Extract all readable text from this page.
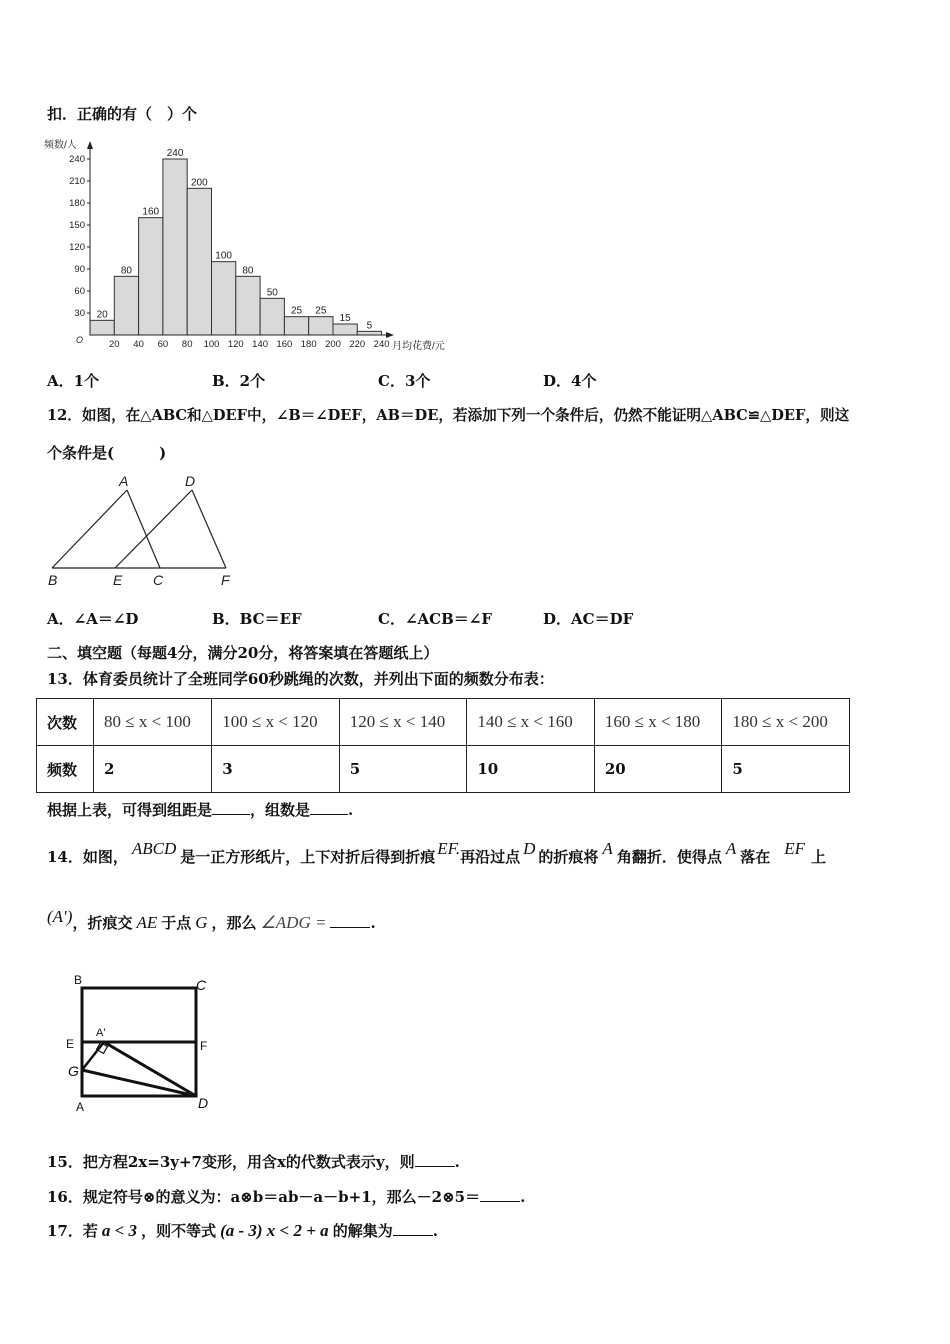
扣．正确的有（　）个
频数/人
月均花费/元
O
20
80
160
240
200
100
80
50
25 25
15
5
240
210
180
150
120
90
60
30
20 40 60 80 100 120 140 160 180 200 220 240
A．1个	B．2个	C．3个	D．4个
12．如图，在△ABC和△DEF中，∠B＝∠DEF，AB＝DE，若添加下列一个条件后，仍然不能证明△ABC≌△DEF，则这
个条件是(　　　)
A	D
B	E C	F
A．∠A＝∠D	B．BC＝EF	C．∠ACB＝∠F	D．AC＝DF
二、填空题（每题4分，满分20分，将答案填在答题纸上）
13．体育委员统计了全班同学60秒跳绳的次数，并列出下面的频数分布表：
次数	80 ≤ x < 100	100 ≤ x < 120	120 ≤ x < 140	140 ≤ x < 160	160 ≤ x < 180	180 ≤ x < 200
频数	2	3	5	10	20	5
根据上表，可得到组距是	，组数是	.
14．如图， ABCD 是一正方形纸片，上下对折后得到折痕 EF.再沿过点 D 的折痕将 A 角翻折．使得点 A 落在 EF 上
(A′)，折痕交 AE 于点 G ，那么 ∠ADG =	.
B	C
E	F
A'
G
A	D
15．把方程2x=3y+7变形，用含x的代数式表示y，则	.
16．规定符号⊗的意义为：a⊗b＝ab－a－b+1，那么－2⊗5＝	.
17．若 a < 3 ，则不等式 (a - 3) x < 2 + a 的解集为	.
